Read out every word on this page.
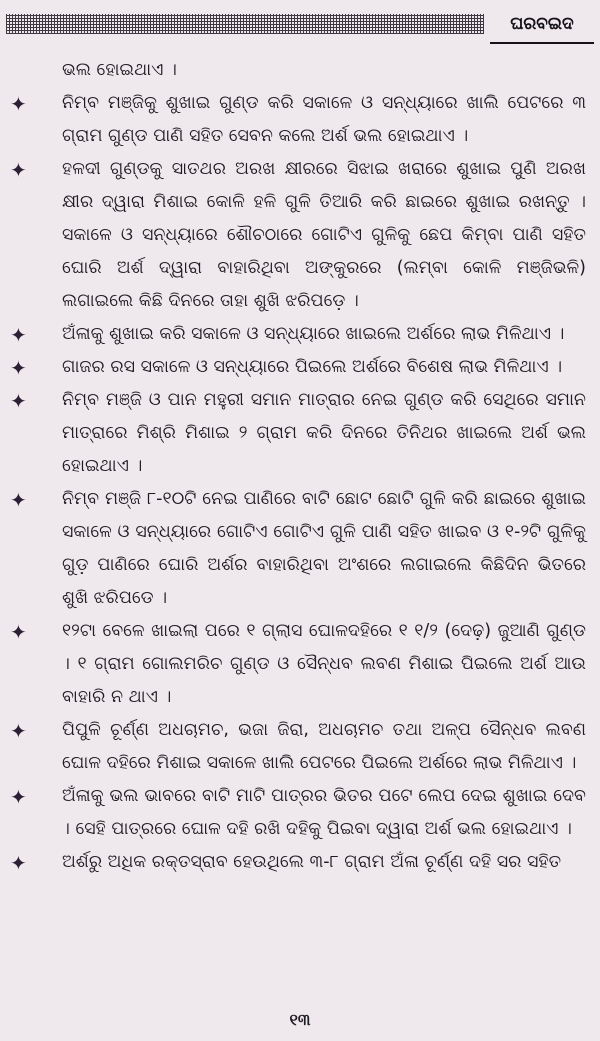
ଘରବଇଦ
ଭଲ ହୋଇଥାଏ ।
✦ ନିମ୍ବ ମଞ୍ଜିକୁ ଶୁଖାଇ ଗୁଣ୍ଡ କରି ସକାଳେ ଓ ସନ୍ଧ୍ୟାରେ ଖାଲି ପେଟରେ ୩ ଗ୍ରାମ ଗୁଣ୍ଡ ପାଣି ସହିତ ସେବନ କଲେ ଅର୍ଶ ଭଲ ହୋଇଥାଏ ।
✦ ହଳଦୀ ଗୁଣ୍ଡକୁ ସାତଥର ଅରଖ କ୍ଷୀରରେ ସିଝାଇ ଖରାରେ ଶୁଖାଇ ପୁଣି ଅରଖ କ୍ଷୀର ଦ୍ୱାରା ମିଶାଇ କୋଳି ହଳି ଗୁଳି ତିଆରି କରି ଛାଇରେ ଶୁଖାଇ ରଖନ୍ତୁ । ସକାଳେ ଓ ସନ୍ଧ୍ୟାରେ ଶୌଚଠାରେ ଗୋଟିଏ ଗୁଳିକୁ ଛେପ କିମ୍ବା ପାଣି ସହିତ ଘୋରି ଅର୍ଶ ଦ୍ୱାରା ବାହାରିଥିବା ଅଙ୍କୁରରେ (ଲମ୍ବା କୋଳି ମଞ୍ଜିଭଳି) ଲଗାଇଲେ କିଛି ଦିନରେ ତାହା ଶୁଖି ଝରିପଡ଼େ ।
✦ ଅଁଳାକୁ ଶୁଖାଇ କରି ସକାଳେ ଓ ସନ୍ଧ୍ୟାରେ ଖାଇଲେ ଅର୍ଶରେ ଲାଭ ମିଳିଥାଏ ।
✦ ଗାଜର ରସ ସକାଳେ ଓ ସନ୍ଧ୍ୟାରେ ପିଇଲେ ଅର୍ଶରେ ବିଶେଷ ଲାଭ ମିଳିଥାଏ ।
✦ ନିମ୍ବ ମଞ୍ଜି ଓ ପାନ ମହୁରୀ ସମାନ ମାତ୍ରାର ନେଇ ଗୁଣ୍ଡ କରି ସେଥିରେ ସମାନ ମାତ୍ରାରେ ମିଶ୍ରି ମିଶାଇ ୨ ଗ୍ରାମ କରି ଦିନରେ ତିନିଥର ଖାଇଲେ ଅର୍ଶ ଭଲ ହୋଇଥାଏ ।
✦ ନିମ୍ବ ମଞ୍ଜି ୮-୧୦ଟି ନେଇ ପାଣିରେ ବାଟି ଛୋଟ ଛୋଟି ଗୁଳି କରି ଛାଇରେ ଶୁଖାଇ ସକାଳେ ଓ ସନ୍ଧ୍ୟାରେ ଗୋଟିଏ ଗୋଟିଏ ଗୁଳି ପାଣି ସହିତ ଖାଇବ ଓ ୧-୨ଟି ଗୁଳିକୁ ଗୁଡ଼ ପାଣିରେ ଘୋରି ଅର୍ଶର ବାହାରିଥିବା ଅଂଶରେ ଲଗାଇଲେ କିଛିଦିନ ଭିତରେ ଶୁଖି ଝରିପଡେ ।
✦ ୧୨ଟା ବେଳେ ଖାଇଲା ପରେ ୧ ଗ୍ଲାସ ଘୋଳଦହିରେ ୧ ୧/୨ (ଦେଢ଼) ଜୁଆଣି ଗୁଣ୍ଡ । ୧ ଗ୍ରାମ ଗୋଲମରିଚ ଗୁଣ୍ଡ ଓ ସୈନ୍ଧବ ଲବଣ ମିଶାଇ ପିଇଲେ ଅର୍ଶ ଆଉ ବାହାରି ନ ଥାଏ ।
✦ ପିପୁଳି ଚୂର୍ଣ୍ଣ ଅଧଚାମଚ, ଭଜା ଜିରା, ଅଧଚାମଚ ତଥା ଅଳ୍ପ ସୈନ୍ଧବ ଲବଣ ଘୋଳ ଦହିରେ ମିଶାଇ ସକାଳେ ଖାଲି ପେଟରେ ପିଇଲେ ଅର୍ଶରେ ଲାଭ ମିଳିଥାଏ ।
✦ ଅଁଳାକୁ ଭଲ ଭାବରେ ବାଟି ମାଟି ପାତ୍ରର ଭିତର ପଟେ ଲେପ ଦେଇ ଶୁଖାଇ ଦେବ । ସେହି ପାତ୍ରରେ ଘୋଳ ଦହି ରଖି ଦହିକୁ ପିଇବା ଦ୍ୱାରା ଅର୍ଶ ଭଲ ହୋଇଥାଏ ।
✦ ଅର୍ଶରୁ ଅଧିକ ରକ୍ତସ୍ରାବ ହେଉଥିଲେ ୩-୮ ଗ୍ରାମ ଅଁଳା ଚୂର୍ଣ୍ଣ ଦହି ସର ସହିତ
୧୩
